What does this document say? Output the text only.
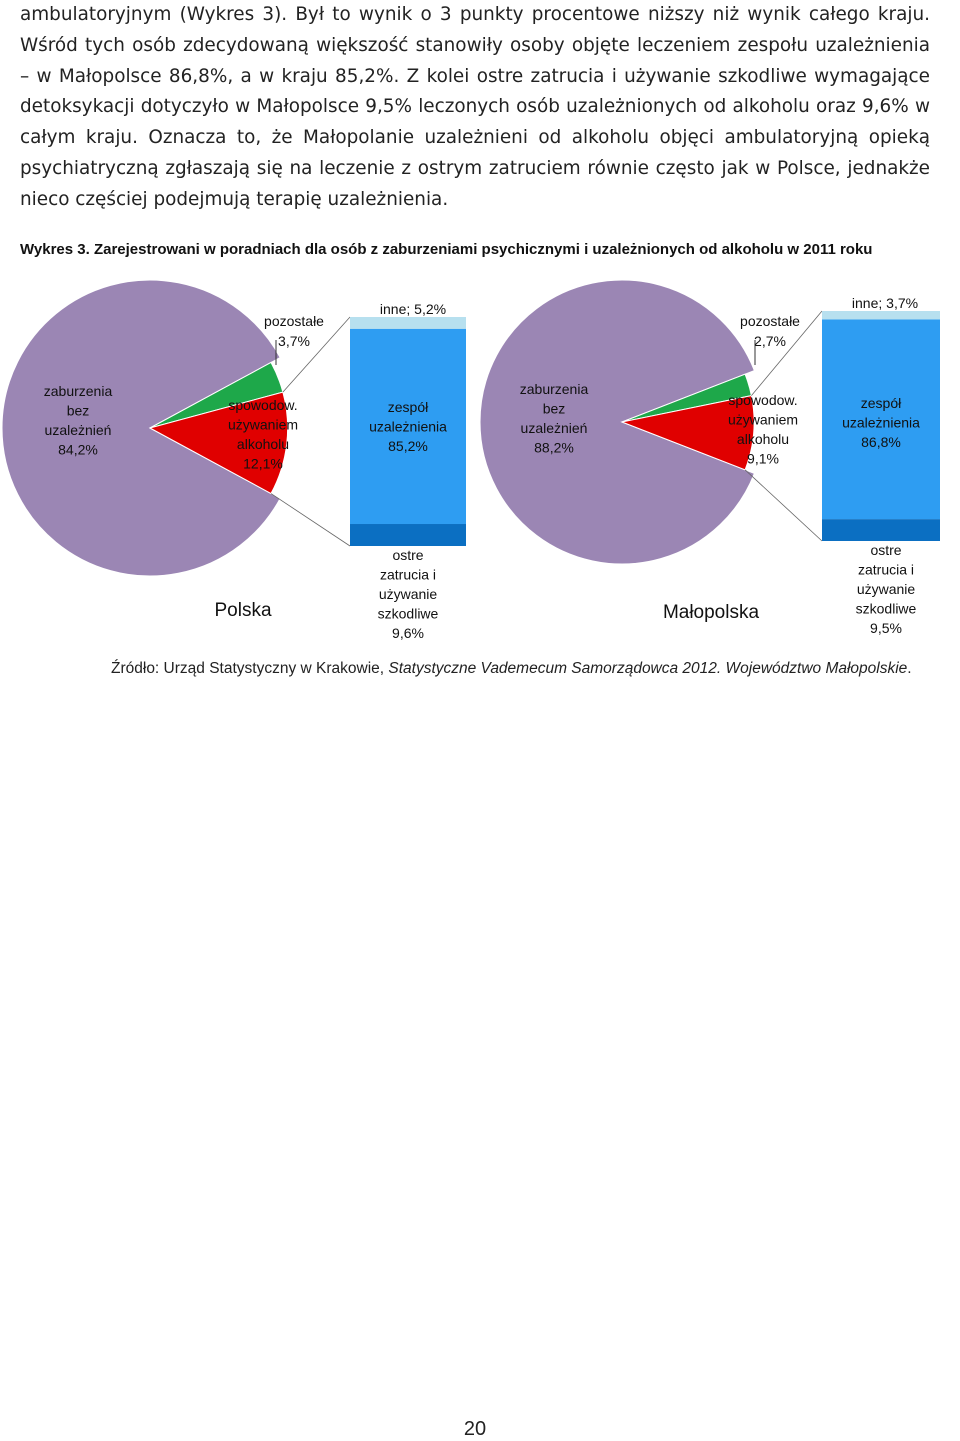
ambulatoryjnym (Wykres 3). Był to wynik o 3 punkty procentowe niższy niż wynik całego kraju. Wśród tych osób zdecydowaną większość stanowiły osoby objęte leczeniem zespołu uzależnienia – w Małopolsce 86,8%, a w kraju 85,2%. Z kolei ostre zatrucia i używanie szkodliwe wymagające detoksykacji dotyczyło w Małopolsce 9,5% leczonych osób uzależnionych od alkoholu oraz 9,6% w całym kraju. Oznacza to, że Małopolanie uzależnieni od alkoholu objęci ambulatoryjną opieką psychiatryczną zgłaszają się na leczenie z ostrym zatruciem równie często jak w Polsce, jednakże nieco częściej podejmują terapię uzależnienia.

Wykres 3. Zarejestrowani w poradniach dla osób z zaburzeniami psychicznymi i uzależnionych od alkoholu w 2011 roku
zaburzenia bez uzależnień 84,2%
spowodow. używaniem alkoholu 12,1%
pozostałe 3,7%
inne; 5,2%
zespół uzależnienia 85,2%
ostre zatrucia i używanie szkodliwe 9,6%
Polska
zaburzenia bez uzależnień 88,2%
spowodow. używaniem alkoholu 9,1%
pozostałe 2,7%
inne; 3,7%
zespół uzależnienia 86,8%
ostre zatrucia i używanie szkodliwe 9,5%
Małopolska
Źródło: Urząd Statystyczny w Krakowie, Statystyczne Vademecum Samorządowca 2012. Województwo Małopolskie.
20
